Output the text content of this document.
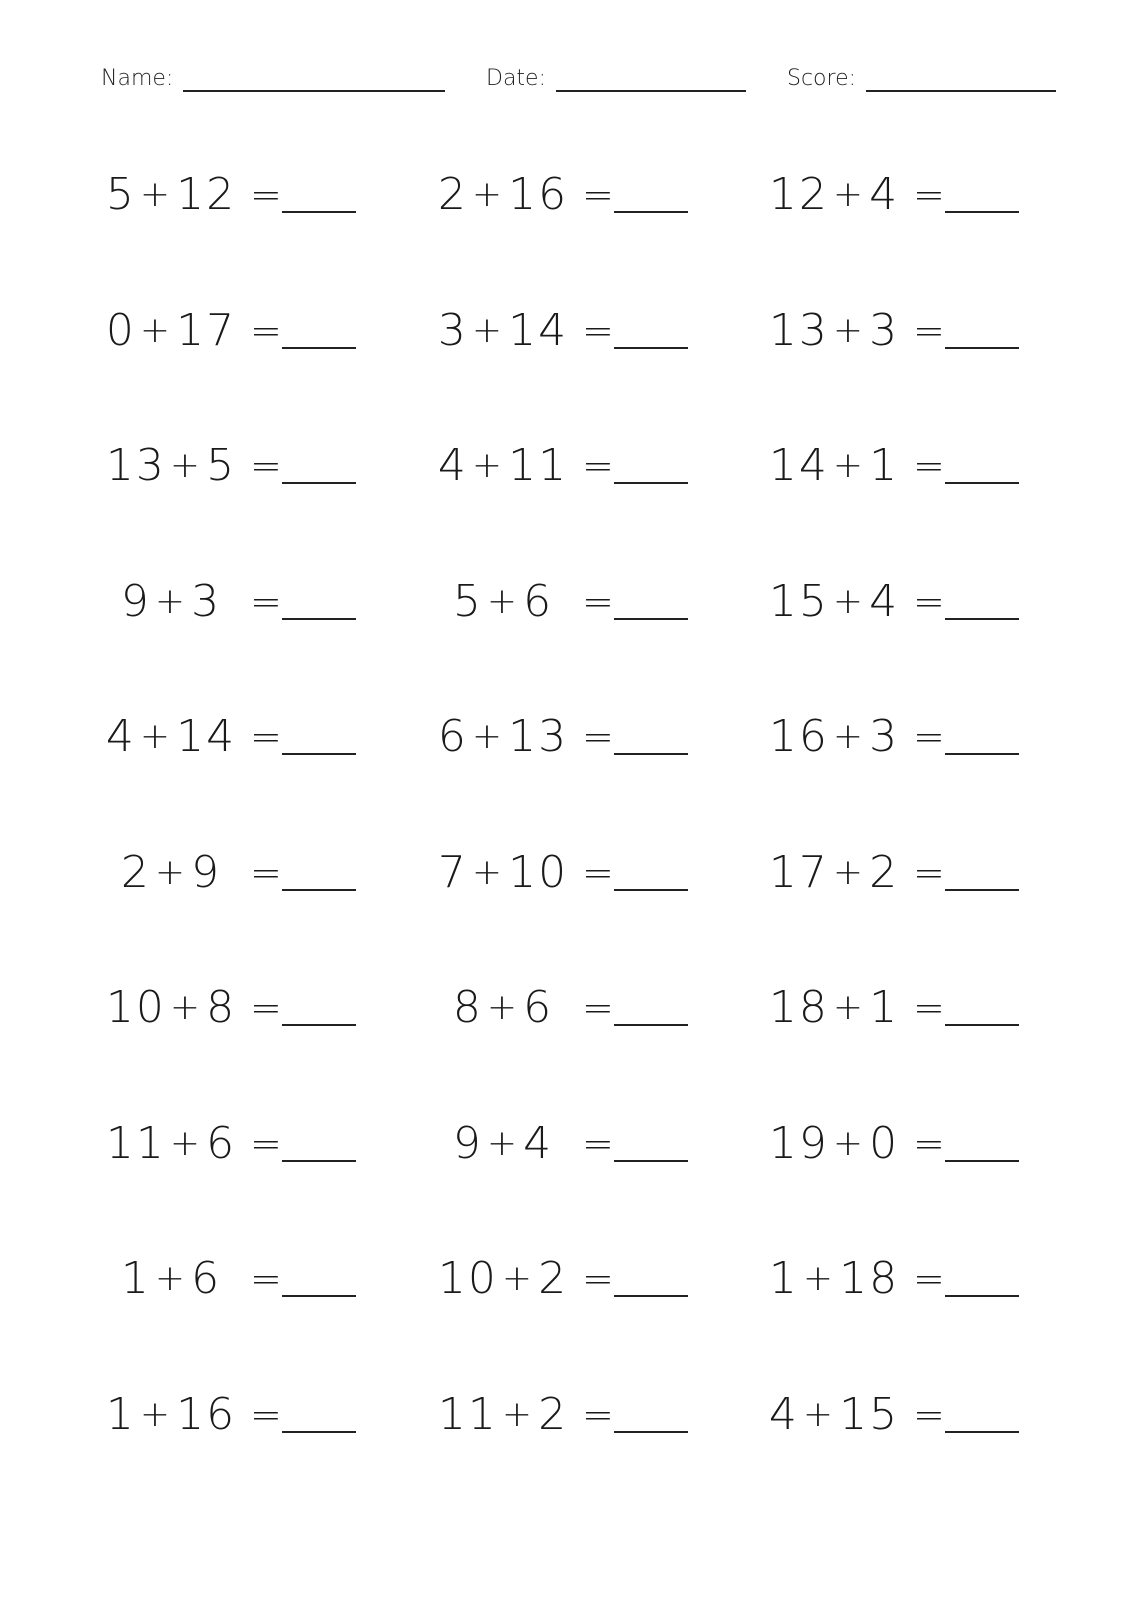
Name:	Date:	Score:
5 +12 =	2 +16 =	12 +4 =
0 +17 =	3 +14 =	13 +3 =
13 +5 =	4 +11 =	14 +1 =
9 +3 =	5 +6 =	15 +4 =
4 +14 =	6 +13 =	16 +3 =
2 +9 =	7 +10 =	17 +2 =
10 +8 =	8 +6 =	18 +1 =
11 +6 =	9 +4 =	19 +0 =
1 +6 =	10 +2 =	1 +18 =
1 +16 =	11 +2 =	4 +15 =
